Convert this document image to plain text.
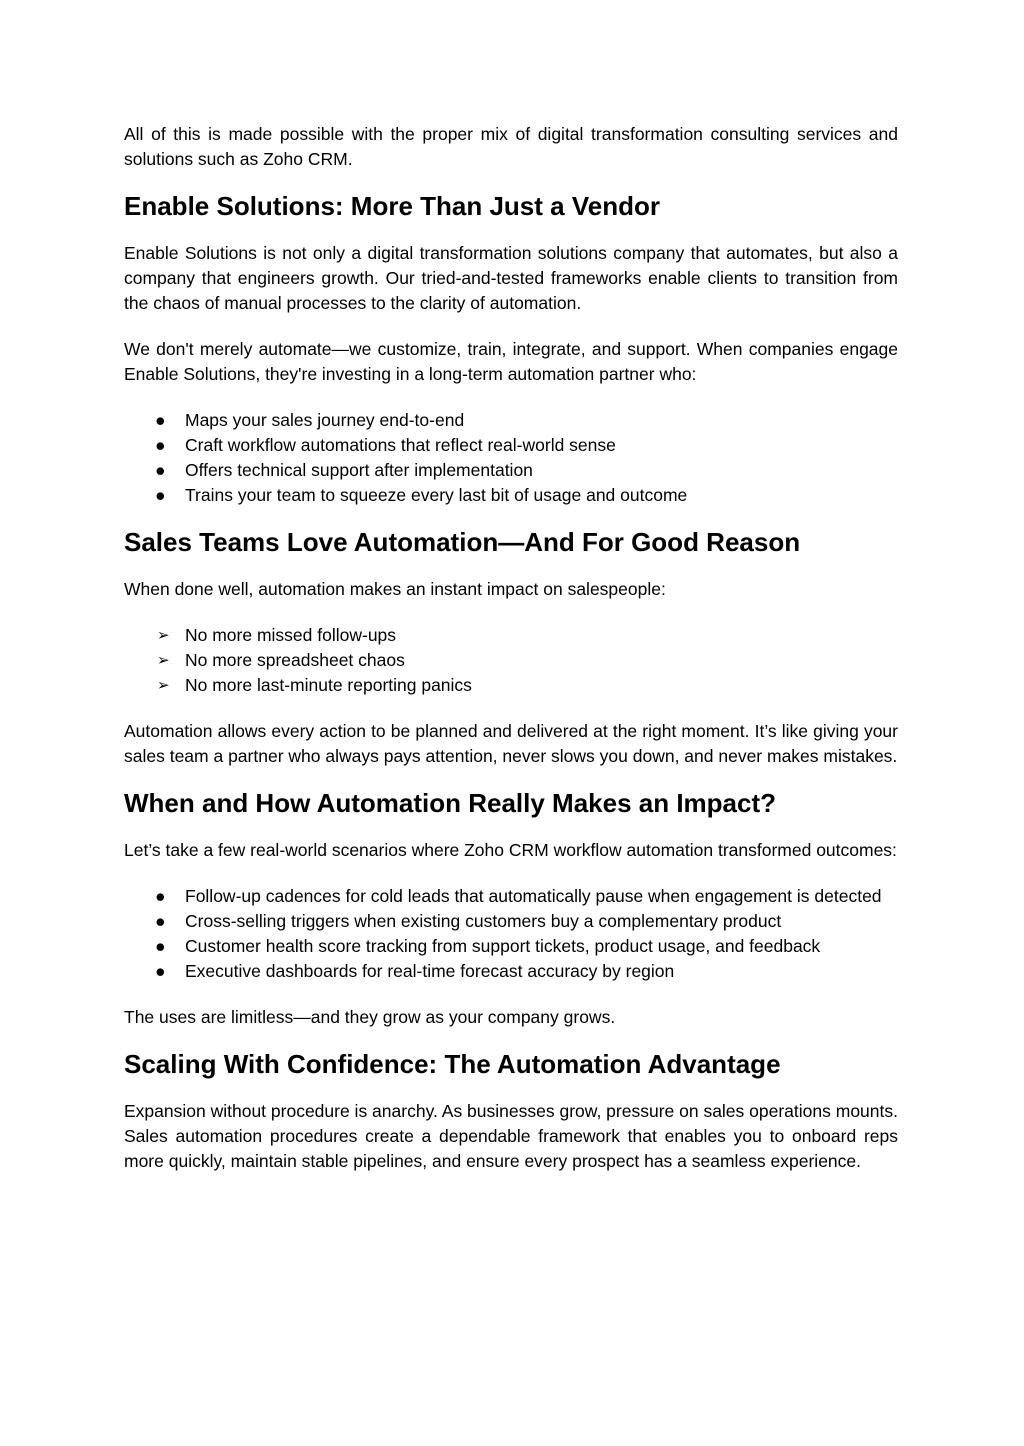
All of this is made possible with the proper mix of digital transformation consulting services and solutions such as Zoho CRM.

Enable Solutions: More Than Just a Vendor

Enable Solutions is not only a digital transformation solutions company that automates, but also a company that engineers growth. Our tried-and-tested frameworks enable clients to transition from the chaos of manual processes to the clarity of automation.

We don't merely automate—we customize, train, integrate, and support. When companies engage Enable Solutions, they're investing in a long-term automation partner who:

● Maps your sales journey end-to-end
● Craft workflow automations that reflect real-world sense
● Offers technical support after implementation
● Trains your team to squeeze every last bit of usage and outcome
Sales Teams Love Automation—And For Good Reason

When done well, automation makes an instant impact on salespeople:

➢ No more missed follow-ups
➢ No more spreadsheet chaos
➢ No more last-minute reporting panics

Automation allows every action to be planned and delivered at the right moment. It’s like giving your sales team a partner who always pays attention, never slows you down, and never makes mistakes.

When and How Automation Really Makes an Impact?

Let’s take a few real-world scenarios where Zoho CRM workflow automation transformed outcomes:

● Follow-up cadences for cold leads that automatically pause when engagement is detected
● Cross-selling triggers when existing customers buy a complementary product
● Customer health score tracking from support tickets, product usage, and feedback
● Executive dashboards for real-time forecast accuracy by region

The uses are limitless—and they grow as your company grows.

Scaling With Confidence: The Automation Advantage

Expansion without procedure is anarchy. As businesses grow, pressure on sales operations mounts. Sales automation procedures create a dependable framework that enables you to onboard reps more quickly, maintain stable pipelines, and ensure every prospect has a seamless experience.
